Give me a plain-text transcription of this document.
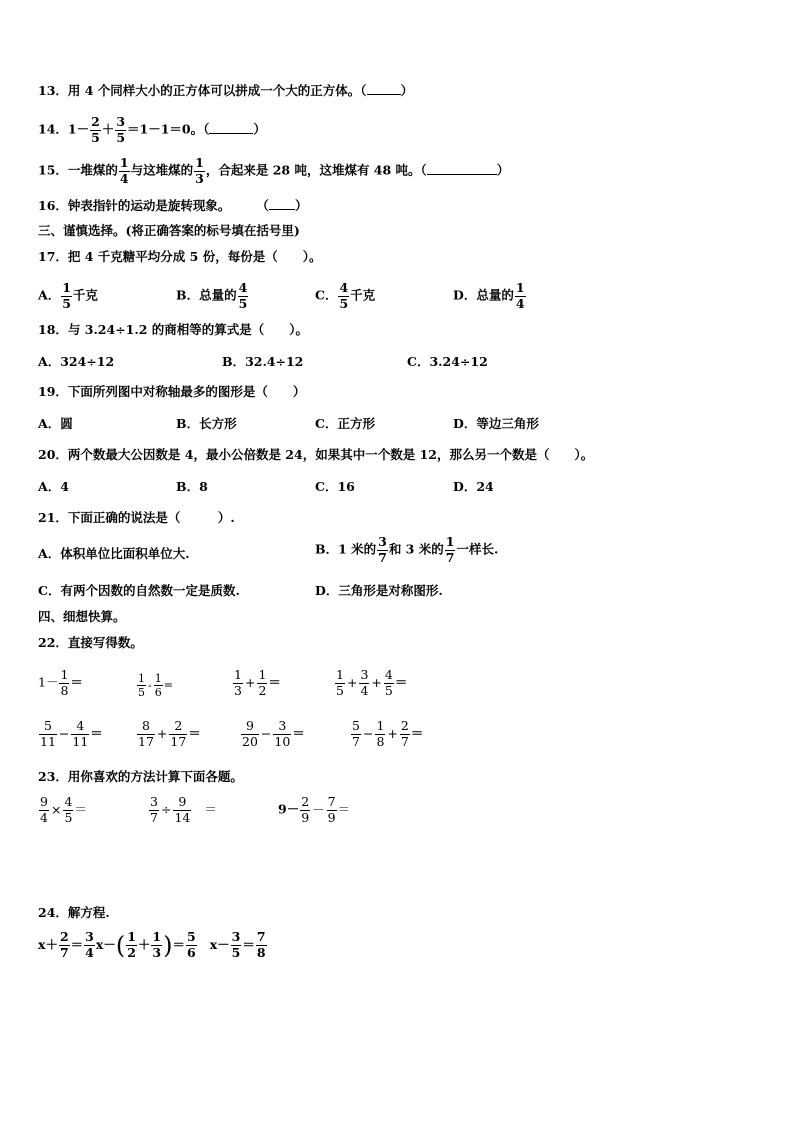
13．用 4 个同样大小的正方体可以拼成一个大的正方体。（	）
14．$1- \frac{2}{5} + \frac{3}{5} =1-1=0$。（	）
15．一堆煤的 $\frac{1}{4}$ 与这堆煤的 $\frac{1}{3}$ ，合起来是 28 吨，这堆煤有 48 吨。（	）
16．钟表指针的运动是旋转现象。 （ ）
三、谨慎选择。(将正确答案的标号填在括号里)
17．把 4 千克糖平均分成 5 份，每份是（　　）。
A． $\frac{1}{5}$ 千克	B．总量的 $\frac{4}{5}$	C． $\frac{4}{5}$ 千克	D．总量的 $\frac{1}{4}$
18．与 3.24÷1.2 的商相等的算式是（　　）。
A．324÷12	B．32.4÷12	C．3.24÷12
19．下面所列图中对称轴最多的图形是（　　）
A．圆	B．长方形	C．正方形	D．等边三角形
20．两个数最大公因数是 4，最小公倍数是 24，如果其中一个数是 12，那么另一个数是（　　）。
A．4	B．8	C．16	D．24
21．下面正确的说法是（　　　）.
A．体积单位比面积单位大.	B．1 米的 $\frac{3}{7}$ 和 3 米的 $\frac{1}{7}$ 一样长.
C．有两个因数的自然数一定是质数.	D．三角形是对称图形.
四、细想快算。
22．直接写得数。
$1- \frac{1}{8}$ ＝	$\frac{1}{5} - \frac{1}{6}$ =	$\frac{1}{3} + \frac{1}{2}$ ＝	$\frac{1}{5} + \frac{3}{4} + \frac{4}{5}$ ＝
$\frac{5}{11} - \frac{4}{11}$ ＝	$\frac{8}{17} + \frac{2}{17}$ ＝	$\frac{9}{20} - \frac{3}{10}$ ＝	$\frac{5}{7} - \frac{1}{8} + \frac{2}{7}$ ＝
23．用你喜欢的方法计算下面各题。
$\frac{9}{4} \times \frac{4}{5}$ ＝	$\frac{3}{7} \div \frac{9}{14}$ ＝	$9- \frac{2}{9} - \frac{7}{9}$ ＝
24．解方程.
$x+ \frac{2}{7} = \frac{3}{4} x-( \frac{1}{2} + \frac{1}{3}$ )＝ $\frac{5}{6} x- \frac{3}{5} = \frac{7}{8}$
